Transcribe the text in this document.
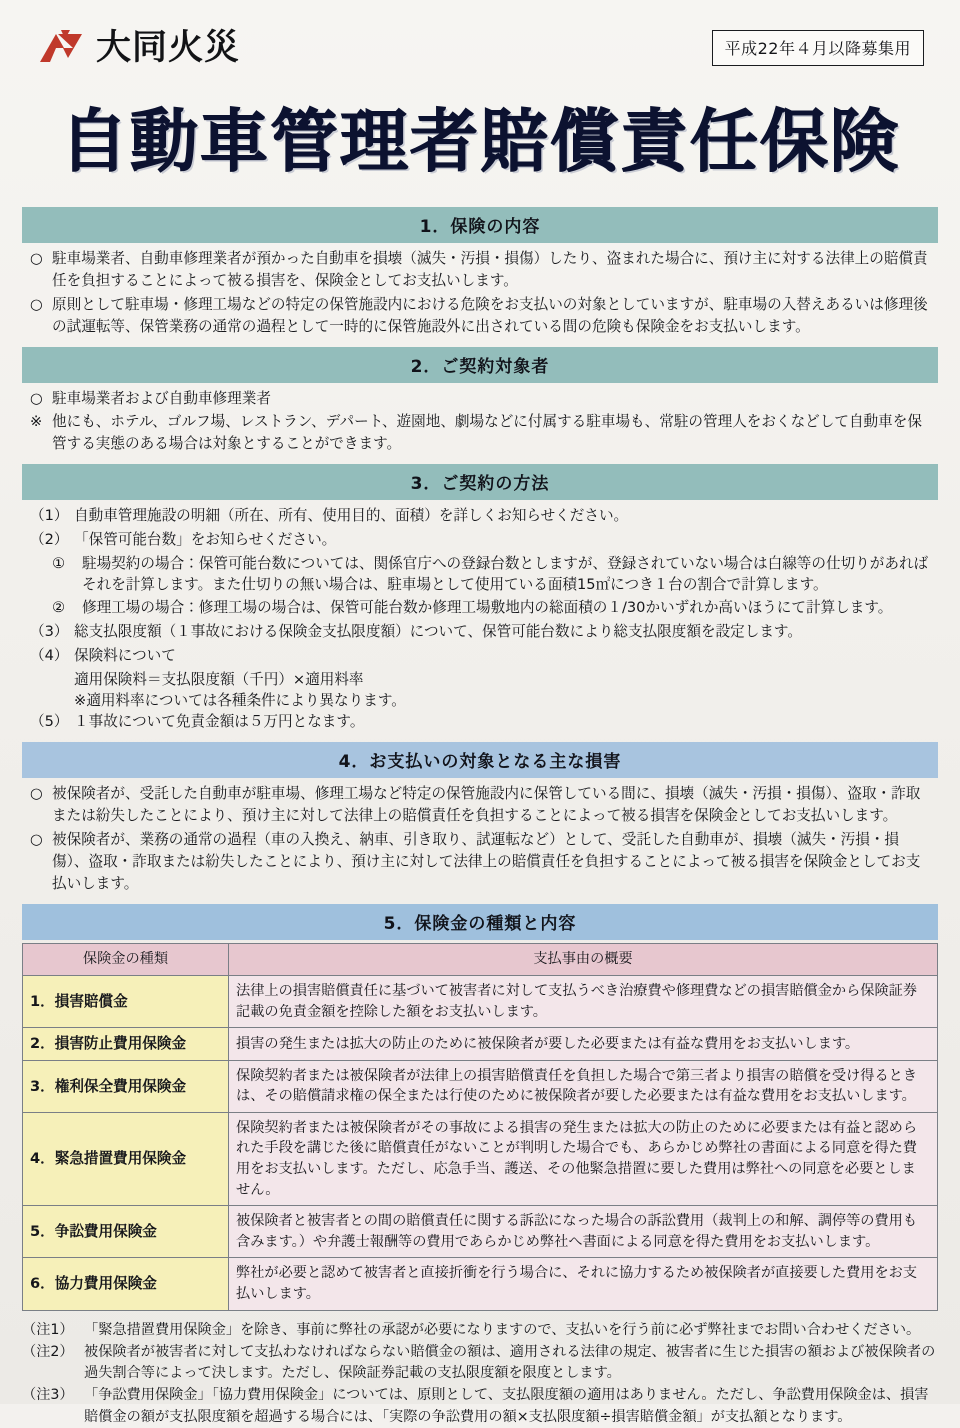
大同火災	平成22年４月以降募集用
自動車管理者賠償責任保険
1．保険の内容
○ 駐車場業者、自動車修理業者が預かった自動車を損壊（滅失・汚損・損傷）したり、盗まれた場合に、預け主に対する法律上の賠償責任を負担することによって被る損害を、保険金としてお支払いします。
○ 原則として駐車場・修理工場などの特定の保管施設内における危険をお支払いの対象としていますが、駐車場の入替えあるいは修理後の試運転等、保管業務の通常の過程として一時的に保管施設外に出されている間の危険も保険金をお支払いします。
2．ご契約対象者
○ 駐車場業者および自動車修理業者
※ 他にも、ホテル、ゴルフ場、レストラン、デパート、遊園地、劇場などに付属する駐車場も、常駐の管理人をおくなどして自動車を保管する実態のある場合は対象とすることができます。
3．ご契約の方法
（1） 自動車管理施設の明細（所在、所有、使用目的、面積）を詳しくお知らせください。
（2） 「保管可能台数」をお知らせください。
①	駐場契約の場合：保管可能台数については、関係官庁への登録台数としますが、登録されていない場合は白線等の仕切りがあればそれを計算します。また仕切りの無い場合は、駐車場として使用ている面積15㎡につき１台の割合で計算します。
②	修理工場の場合：修理工場の場合は、保管可能台数か修理工場敷地内の総面積の１/30かいずれか高いほうにて計算します。
（3） 総支払限度額（１事故における保険金支払限度額）について、保管可能台数により総支払限度額を設定します。
（4） 保険料について
適用保険料＝支払限度額（千円）×適用料率
※適用料率については各種条件により異なります。
（5） １事故について免責金額は５万円となます。
4．お支払いの対象となる主な損害
○ 被保険者が、受託した自動車が駐車場、修理工場など特定の保管施設内に保管している間に、損壊（滅失・汚損・損傷）、盗取・詐取または紛失したことにより、預け主に対して法律上の賠償責任を負担することによって被る損害を保険金としてお支払いします。
○ 被保険者が、業務の通常の過程（車の入換え、納車、引き取り、試運転など）として、受託した自動車が、損壊（滅失・汚損・損傷）、盗取・詐取または紛失したことにより、預け主に対して法律上の賠償責任を負担することによって被る損害を保険金としてお支払いします。
5．保険金の種類と内容
保険金の種類	支払事由の概要
1．損害賠償金	法律上の損害賠償責任に基づいて被害者に対して支払うべき治療費や修理費などの損害賠償金から保険証券記載の免責金額を控除した額をお支払いします。
2．損害防止費用保険金	損害の発生または拡大の防止のために被保険者が要した必要または有益な費用をお支払いします。
3．権利保全費用保険金	保険契約者または被保険者が法律上の損害賠償責任を負担した場合で第三者より損害の賠償を受け得るときは、その賠償請求権の保全または行使のために被保険者が要した必要または有益な費用をお支払いします。
4．緊急措置費用保険金	保険契約者または被保険者がその事故による損害の発生または拡大の防止のために必要または有益と認められた手段を講じた後に賠償責任がないことが判明した場合でも、あらかじめ弊社の書面による同意を得た費用をお支払いします。ただし、応急手当、護送、その他緊急措置に要した費用は弊社への同意を必要としません。
5．争訟費用保険金	被保険者と被害者との間の賠償責任に関する訴訟になった場合の訴訟費用（裁判上の和解、調停等の費用も含みます。）や弁護士報酬等の費用であらかじめ弊社へ書面による同意を得た費用をお支払いします。
6．協力費用保険金	弊社が必要と認めて被害者と直接折衝を行う場合に、それに協力するため被保険者が直接要した費用をお支払いします。
（注1） 「緊急措置費用保険金」を除き、事前に弊社の承認が必要になりますので、支払いを行う前に必ず弊社までお問い合わせください。
（注2） 被保険者が被害者に対して支払わなければならない賠償金の額は、適用される法律の規定、被害者に生じた損害の額および被保険者の過失割合等によって決します。ただし、保険証券記載の支払限度額を限度とします。
（注3） 「争訟費用保険金」「協力費用保険金」については、原則として、支払限度額の適用はありません。ただし、争訟費用保険金は、損害賠償金の額が支払限度額を超過する場合には、「実際の争訟費用の額×支払限度額÷損害賠償金額」が支払額となります。
